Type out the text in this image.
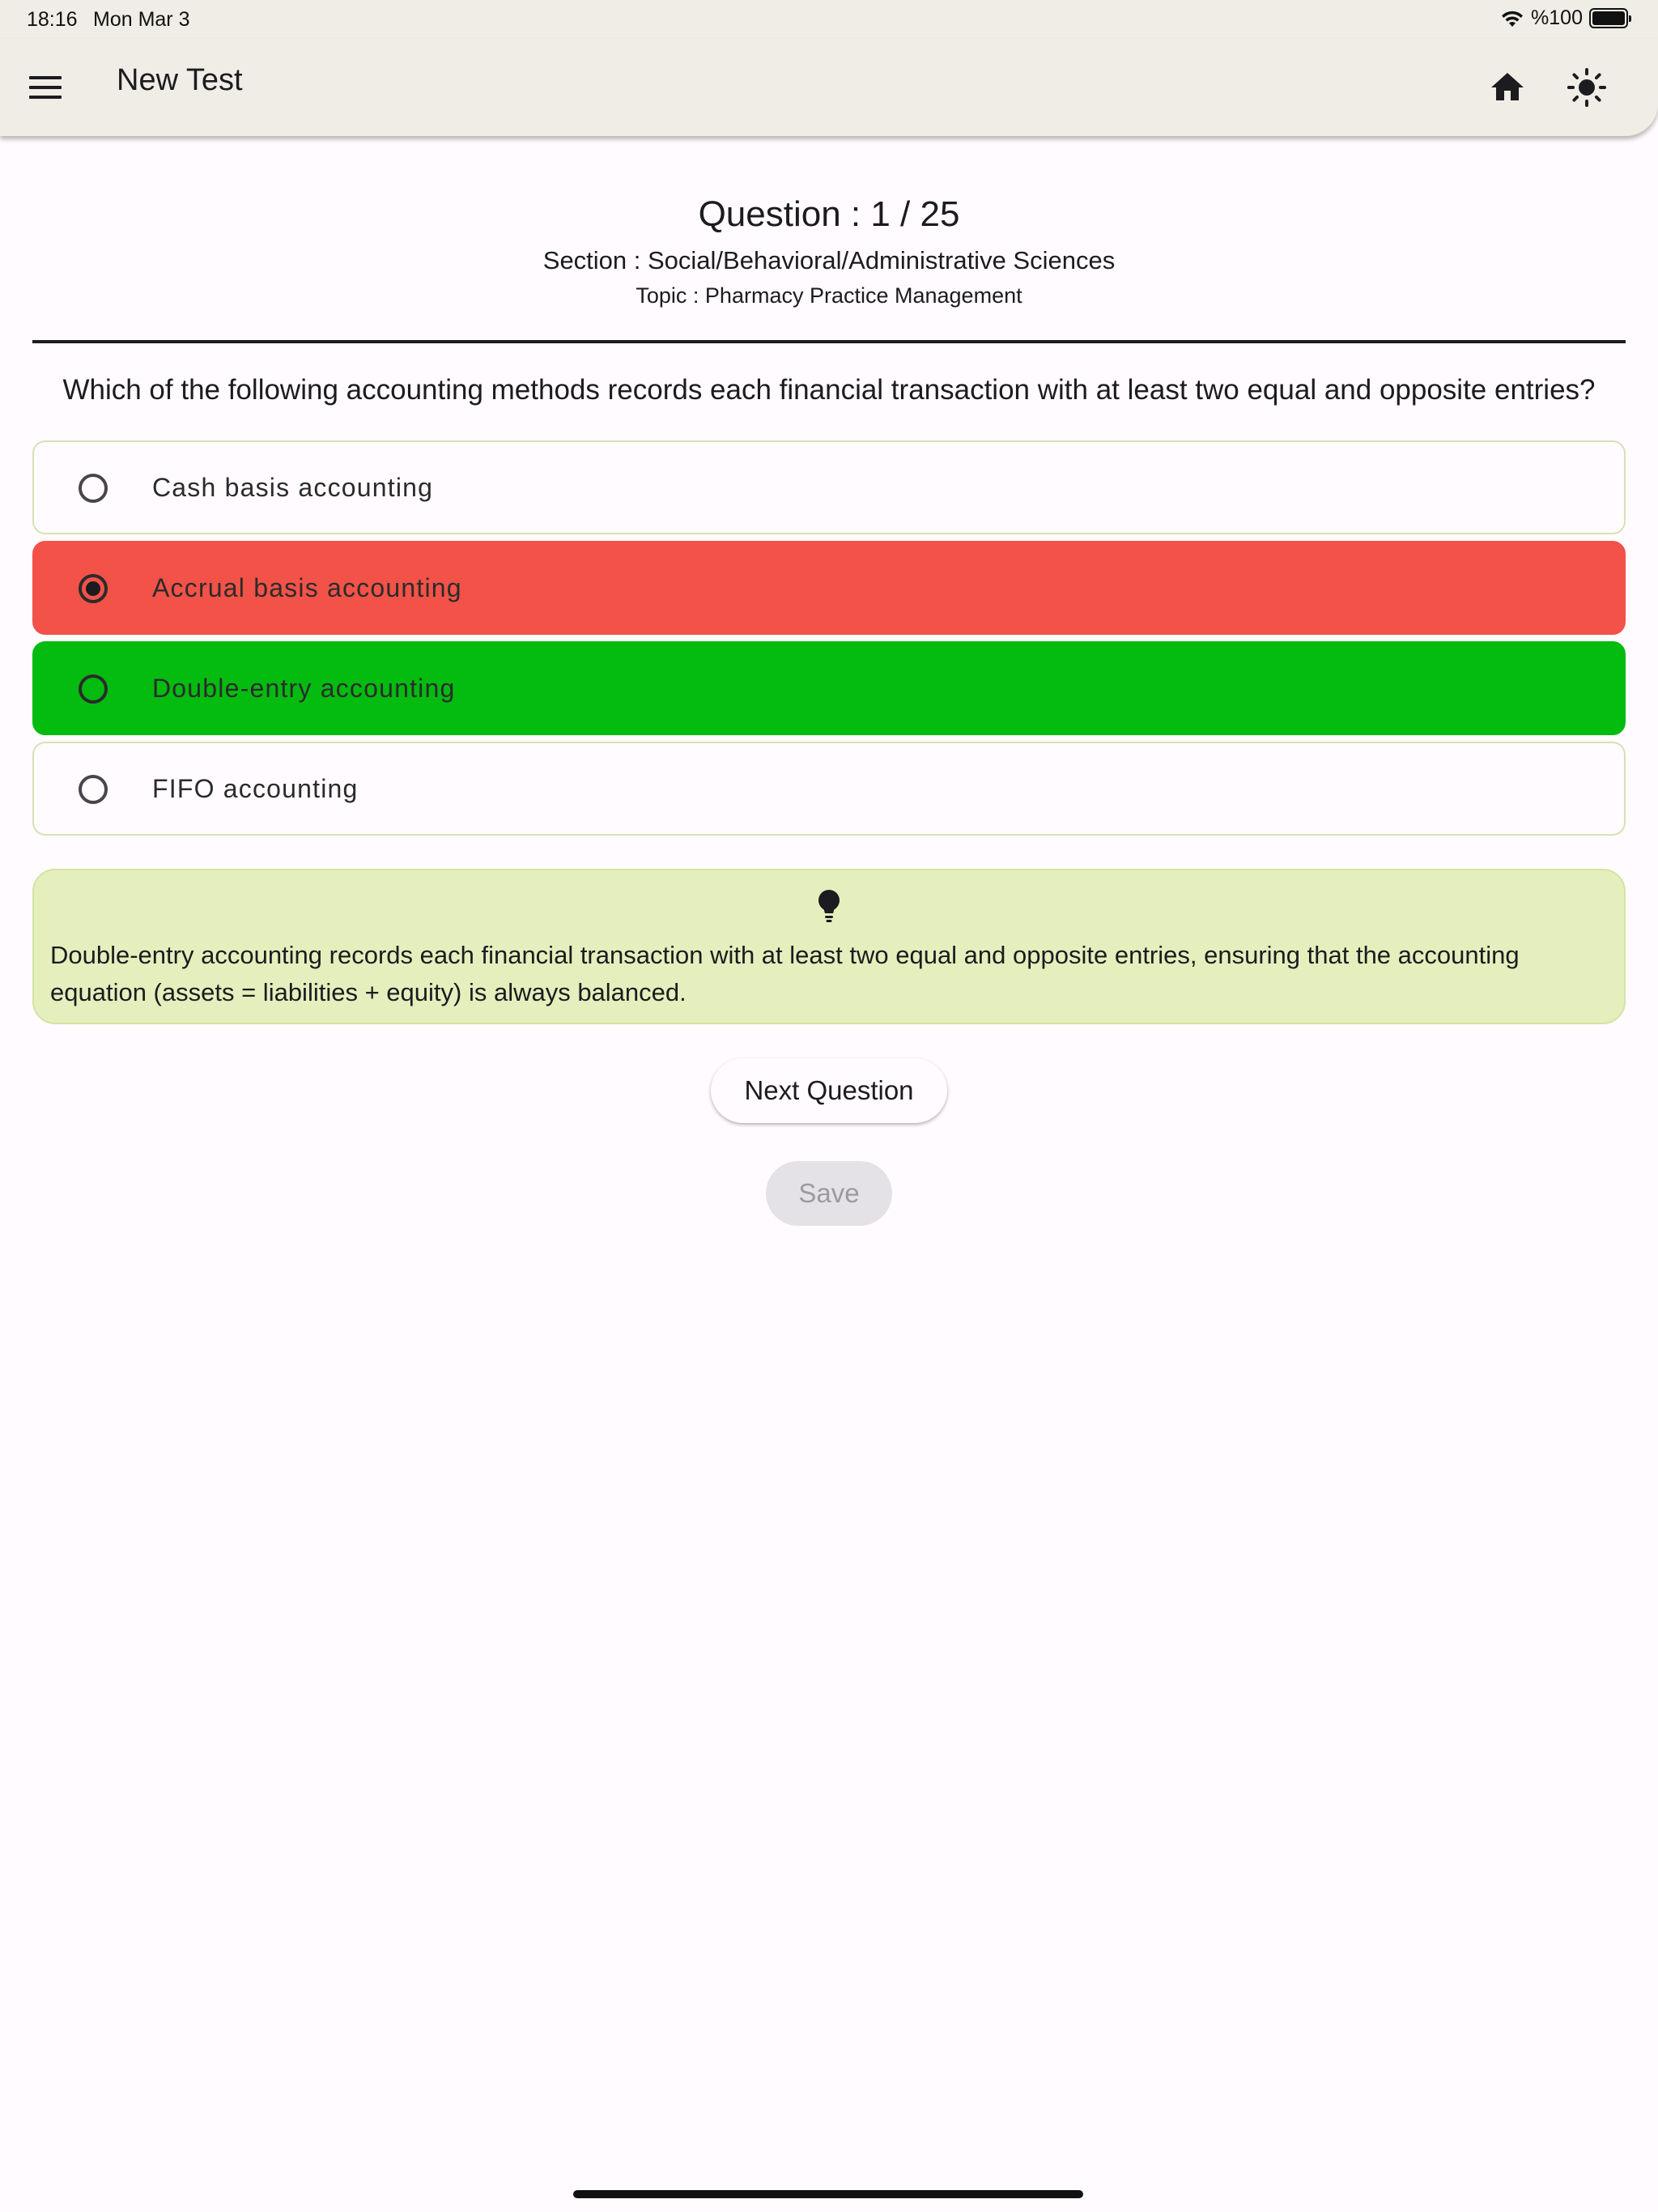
18:16 Mon Mar 3	%100
New Test
Question : 1 / 25
Section : Social/Behavioral/Administrative Sciences
Topic : Pharmacy Practice Management
Which of the following accounting methods records each financial transaction with at least two equal and opposite entries?
Cash basis accounting
Accrual basis accounting
Double-entry accounting
FIFO accounting
Double-entry accounting records each financial transaction with at least two equal and opposite entries, ensuring that the accounting equation (assets = liabilities + equity) is always balanced.
Next Question
Save
